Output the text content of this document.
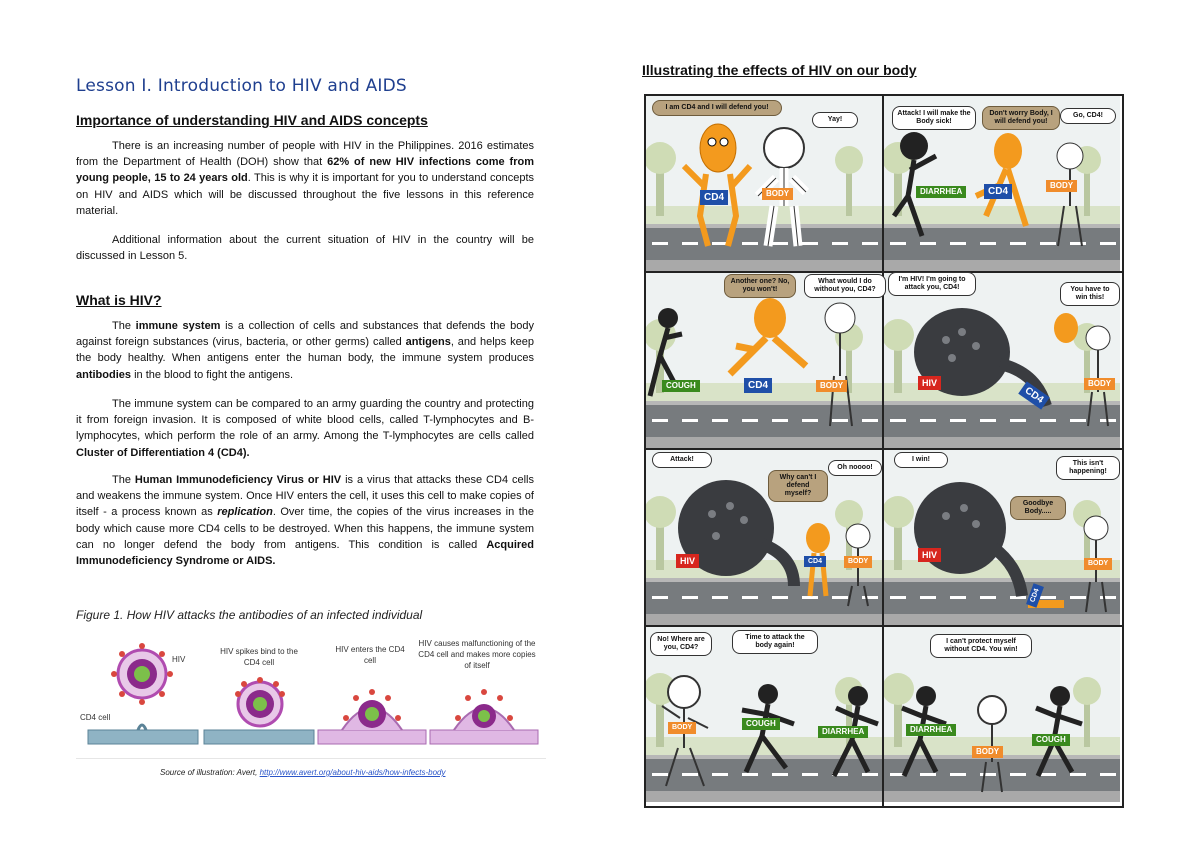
Lesson I. Introduction to HIV and AIDS
Importance of understanding HIV and AIDS concepts
There is an increasing number of people with HIV in the Philippines. 2016 estimates from the Department of Health (DOH) show that 62% of new HIV infections come from young people, 15 to 24 years old. This is why it is important for you to understand concepts on HIV and AIDS which will be discussed throughout the five lessons in this reference material.
Additional information about the current situation of HIV in the country will be discussed in Lesson 5.
What is HIV?
The immune system is a collection of cells and substances that defends the body against foreign substances (virus, bacteria, or other germs) called antigens, and helps keep the body healthy. When antigens enter the human body, the immune system produces antibodies in the blood to fight the antigens.
The immune system can be compared to an army guarding the country and protecting it from foreign invasion. It is composed of white blood cells, called T-lymphocytes and B-lymphocytes, which perform the role of an army. Among the T-lymphocytes are cells called Cluster of Differentiation 4 (CD4).
The Human Immunodeficiency Virus or HIV is a virus that attacks these CD4 cells and weakens the immune system. Once HIV enters the cell, it uses this cell to make copies of itself - a process known as replication. Over time, the copies of the virus increases in the body which cause more CD4 cells to be destroyed. When this happens, the immune system can no longer defend the body from antigens. This condition is called Acquired Immunodeficiency Syndrome or AIDS.
Figure 1. How HIV attacks the antibodies of an infected individual
HIV
CD4 cell
HIV spikes bind to the CD4 cell
HIV enters the CD4 cell
HIV causes malfunctioning of the CD4 cell and makes more copies of itself
Source of illustration: Avert, http://www.avert.org/about-hiv-aids/how-infects-body
Illustrating the effects of HIV on our body
I am CD4 and I will defend you!
Yay!
CD4	BODY
Attack! I will make the Body sick!
Don't worry Body, I will defend you!
Go, CD4!
DIARRHEA	CD4
BODY
Another one? No, you won't!
What would I do without you, CD4?
COUGH	CD4	BODY
I'm HIV! I'm going to attack you, CD4!	You have to win this!
HIV
CD4
BODY
Attack!
Why can't I defend myself?
Oh noooo!
HIV	CD4	BODY
I win!
This isn't happening!
Goodbye Body.....
HIV
CD4
BODY
No! Where are you, CD4?
Time to attack the body again!
BODY	COUGH
DIARRHEA
I can't protect myself without CD4. You win!
DIARRHEA
BODY
COUGH
